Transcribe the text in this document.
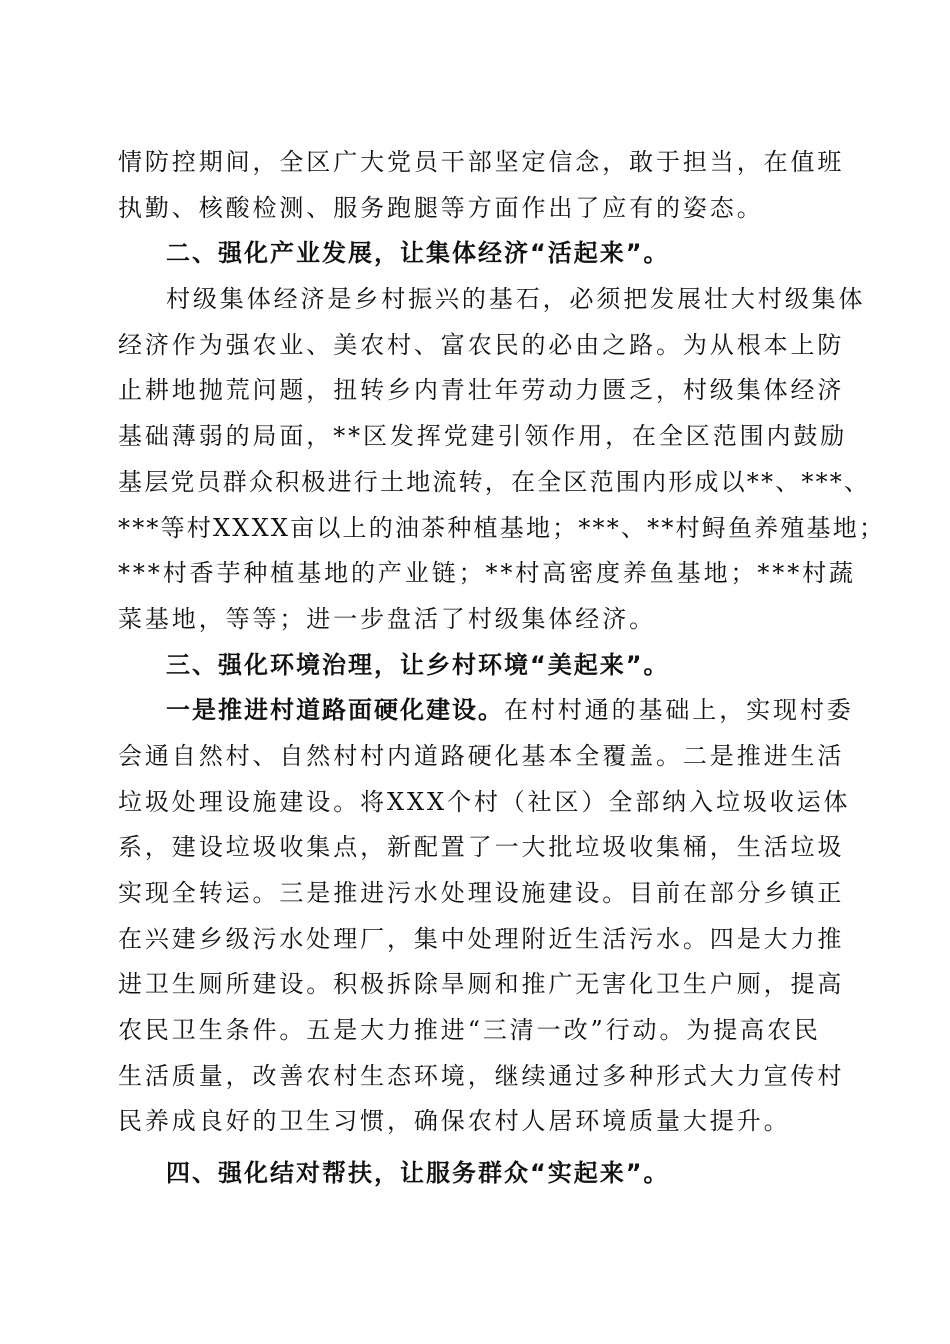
情防控期间，全区广大党员干部坚定信念，敢于担当，在值班
执勤、核酸检测、服务跑腿等方面作出了应有的姿态。
二、强化产业发展，让集体经济“活起来”。
村级集体经济是乡村振兴的基石，必须把发展壮大村级集体
经济作为强农业、美农村、富农民的必由之路。为从根本上防
止耕地抛荒问题，扭转乡内青壮年劳动力匮乏，村级集体经济
基础薄弱的局面，**区发挥党建引领作用，在全区范围内鼓励
基层党员群众积极进行土地流转，在全区范围内形成以**、***、
***等村XXXX亩以上的油茶种植基地；***、**村鲟鱼养殖基地；
***村香芋种植基地的产业链；**村高密度养鱼基地；***村蔬
菜基地，等等；进一步盘活了村级集体经济。
三、强化环境治理，让乡村环境“美起来”。
一是推进村道路面硬化建设。在村村通的基础上，实现村委
会通自然村、自然村村内道路硬化基本全覆盖。二是推进生活
垃圾处理设施建设。将XXX个村（社区）全部纳入垃圾收运体
系，建设垃圾收集点，新配置了一大批垃圾收集桶，生活垃圾
实现全转运。三是推进污水处理设施建设。目前在部分乡镇正
在兴建乡级污水处理厂，集中处理附近生活污水。四是大力推
进卫生厕所建设。积极拆除旱厕和推广无害化卫生户厕，提高
农民卫生条件。五是大力推进“三清一改”行动。为提高农民
生活质量，改善农村生态环境，继续通过多种形式大力宣传村
民养成良好的卫生习惯，确保农村人居环境质量大提升。
四、强化结对帮扶，让服务群众“实起来”。
